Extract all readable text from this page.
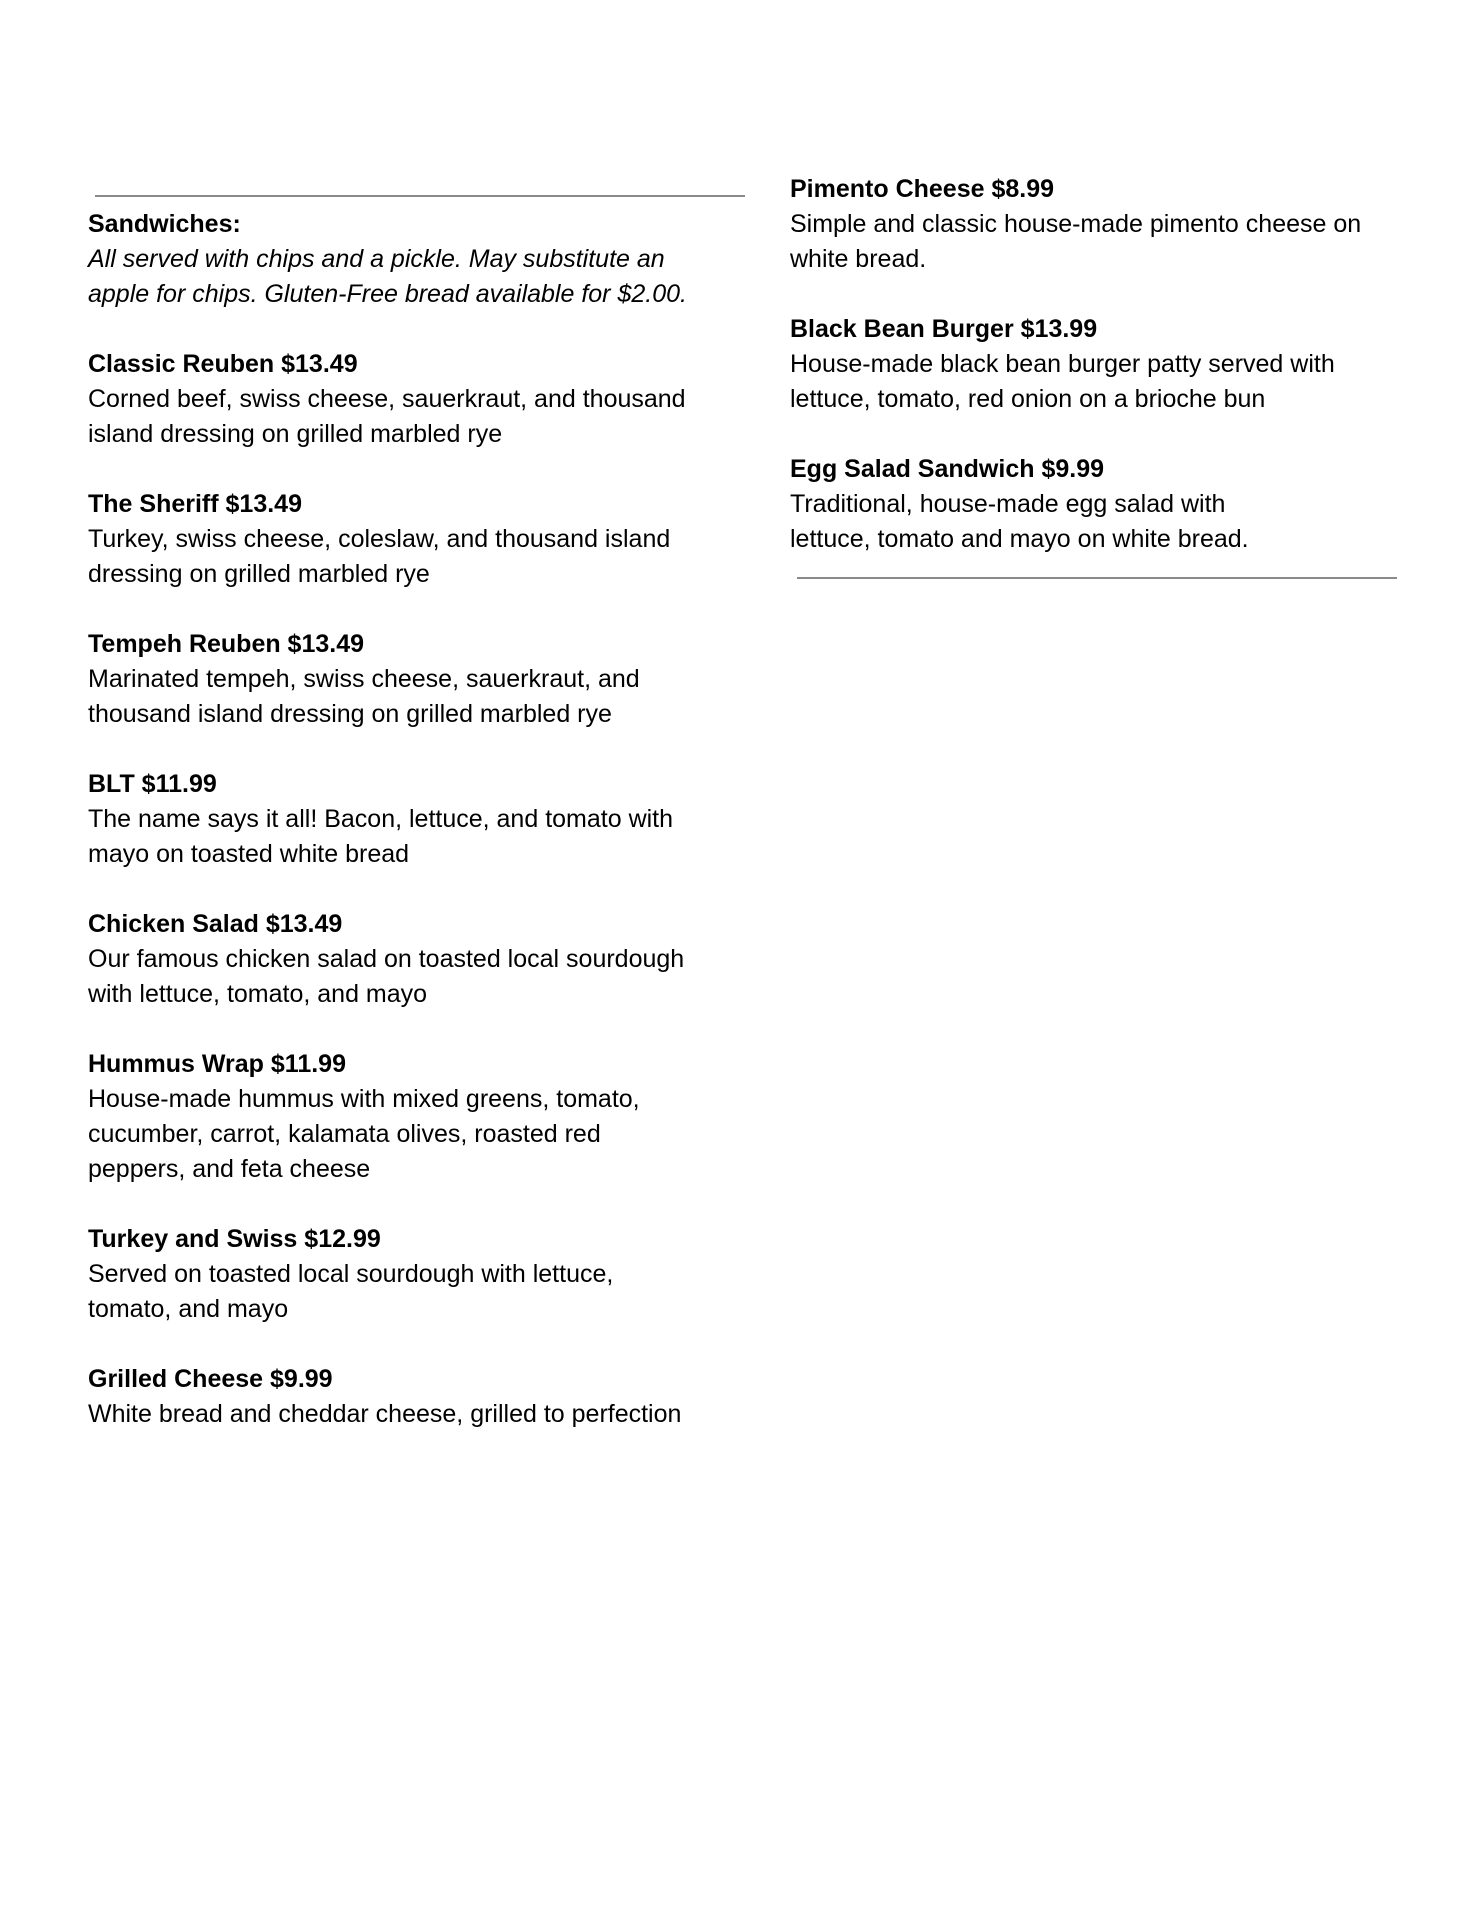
Sandwiches:
All served with chips and a pickle. May substitute an
apple for chips. Gluten-Free bread available for $2.00.
Classic Reuben $13.49
Corned beef, swiss cheese, sauerkraut, and thousand
island dressing on grilled marbled rye
The Sheriff $13.49
Turkey, swiss cheese, coleslaw, and thousand island
dressing on grilled marbled rye
Tempeh Reuben $13.49
Marinated tempeh, swiss cheese, sauerkraut, and
thousand island dressing on grilled marbled rye
BLT $11.99
The name says it all! Bacon, lettuce, and tomato with
mayo on toasted white bread
Chicken Salad $13.49
Our famous chicken salad on toasted local sourdough
with lettuce, tomato, and mayo
Hummus Wrap $11.99
House-made hummus with mixed greens, tomato,
cucumber, carrot, kalamata olives, roasted red
peppers, and feta cheese
Turkey and Swiss $12.99
Served on toasted local sourdough with lettuce,
tomato, and mayo
Grilled Cheese $9.99
White bread and cheddar cheese, grilled to perfection
Pimento Cheese $8.99
Simple and classic house-made pimento cheese on
white bread.
Black Bean Burger $13.99
House-made black bean burger patty served with
lettuce, tomato, red onion on a brioche bun
Egg Salad Sandwich $9.99
Traditional, house-made egg salad with
lettuce, tomato and mayo on white bread.
